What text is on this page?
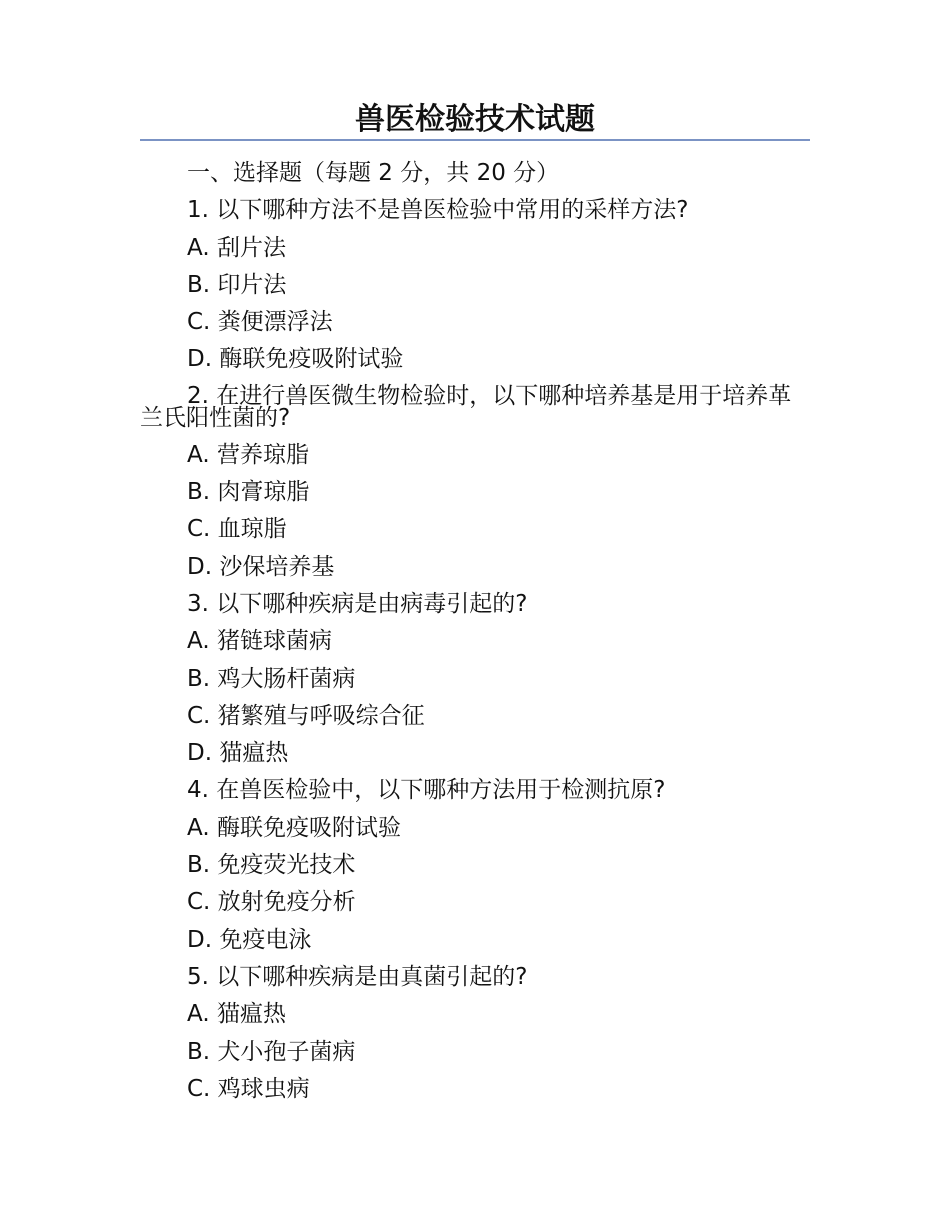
兽医检验技术试题

一、选择题（每题 2 分，共 20 分）

1. 以下哪种方法不是兽医检验中常用的采样方法?

A. 刮片法

B. 印片法

C. 粪便漂浮法

D. 酶联免疫吸附试验

2. 在进行兽医微生物检验时，以下哪种培养基是用于培养革兰氏阳性菌的?

A. 营养琼脂

B. 肉膏琼脂

C. 血琼脂

D. 沙保培养基

3. 以下哪种疾病是由病毒引起的?

A. 猪链球菌病

B. 鸡大肠杆菌病

C. 猪繁殖与呼吸综合征

D. 猫瘟热

4. 在兽医检验中，以下哪种方法用于检测抗原?

A. 酶联免疫吸附试验

B. 免疫荧光技术

C. 放射免疫分析

D. 免疫电泳

5. 以下哪种疾病是由真菌引起的?

A. 猫瘟热

B. 犬小孢子菌病

C. 鸡球虫病
